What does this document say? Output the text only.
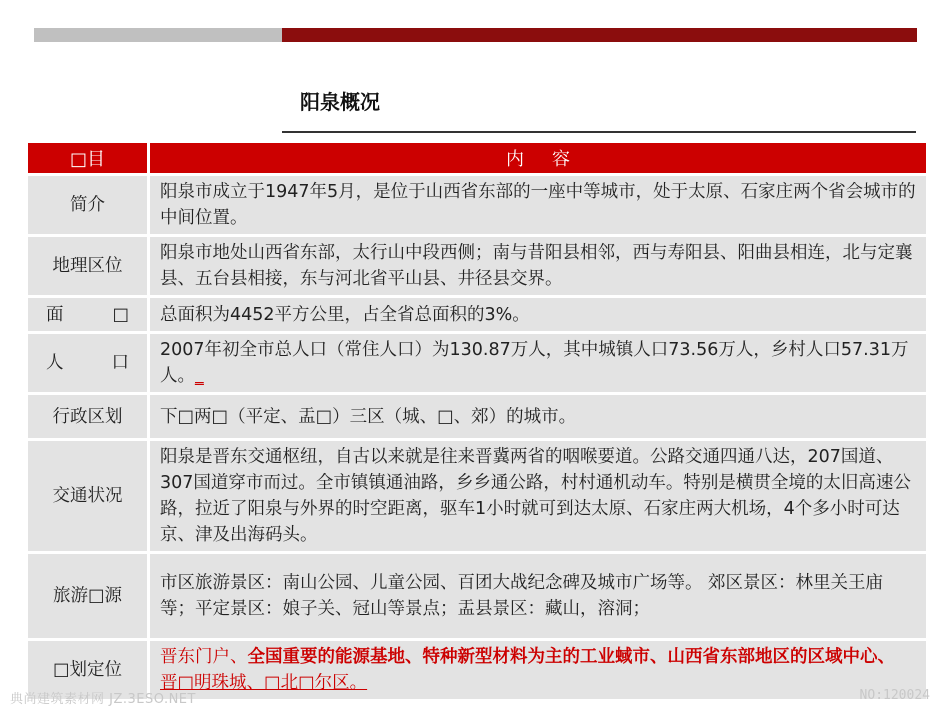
阳泉概况
□目	内容
简介	阳泉市成立于1947年5月，是位于山西省东部的一座中等城市，处于太原、石家庄两个省会城市的中间位置。
地理区位	阳泉市地处山西省东部，太行山中段西侧；南与昔阳县相邻，西与寿阳县、阳曲县相连，北与定襄县、五台县相接，东与河北省平山县、井径县交界。
面□	总面积为4452平方公里，占全省总面积的3%。
人口	2007年初全市总人口（常住人口）为130.87万人，其中城镇人口73.56万人，乡村人口57.31万人。_
行政区划	下□两□（平定、盂□）三区（城、□、郊）的城市。
交通状况	阳泉是晋东交通枢纽，自古以来就是往来晋冀两省的咽喉要道。公路交通四通八达，207国道、307国道穿市而过。全市镇镇通油路，乡乡通公路，村村通机动车。特别是横贯全境的太旧高速公路，拉近了阳泉与外界的时空距离，驱车1小时就可到达太原、石家庄两大机场，4个多小时可达京、津及出海码头。
旅游□源	市区旅游景区：南山公园、儿童公园、百团大战纪念碑及城市广场等。 郊区景区：林里关王庙等；平定景区：娘子关、冠山等景点；盂县景区：藏山，溶洞；
□划定位	晋东门户、全国重要的能源基地、特种新型材料为主的工业蜮市、山西省东部地区的区域中心、 晋□明珠城、□北□尔区。
典尚建筑素材网 JZ.3ESO.NET	NO:120024
